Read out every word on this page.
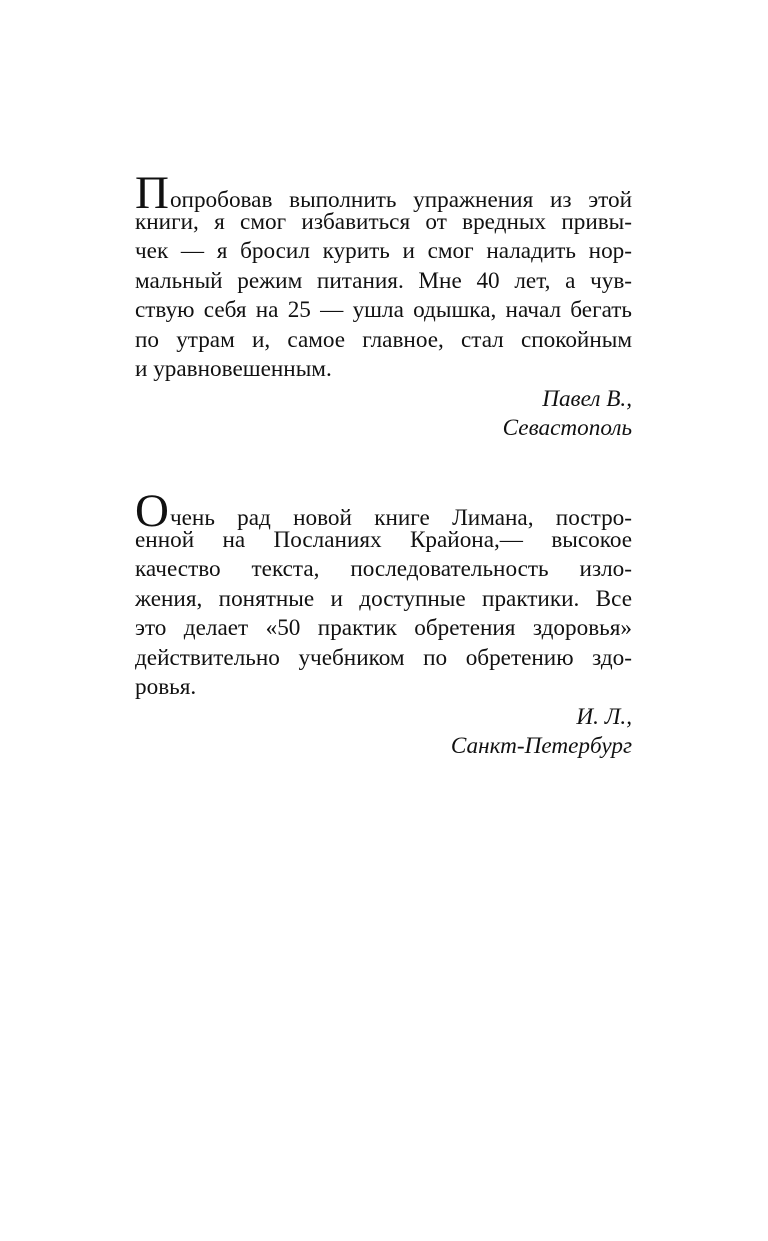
Попробовав выполнить упражнения из этой
книги, я смог избавиться от вредных привы-
чек — я бросил курить и смог наладить нор-
мальный режим питания. Мне 40 лет, а чув-
ствую себя на 25 — ушла одышка, начал бегать
по утрам и, самое главное, стал спокойным
и уравновешенным.
Павел В.,
Севастополь
Очень рад новой книге Лимана, постро-
енной на Посланиях Крайона,— высокое
качество текста, последовательность изло-
жения, понятные и доступные практики. Все
это делает «50 практик обретения здоровья»
действительно учебником по обретению здо-
ровья.
И. Л.,
Санкт-Петербург
